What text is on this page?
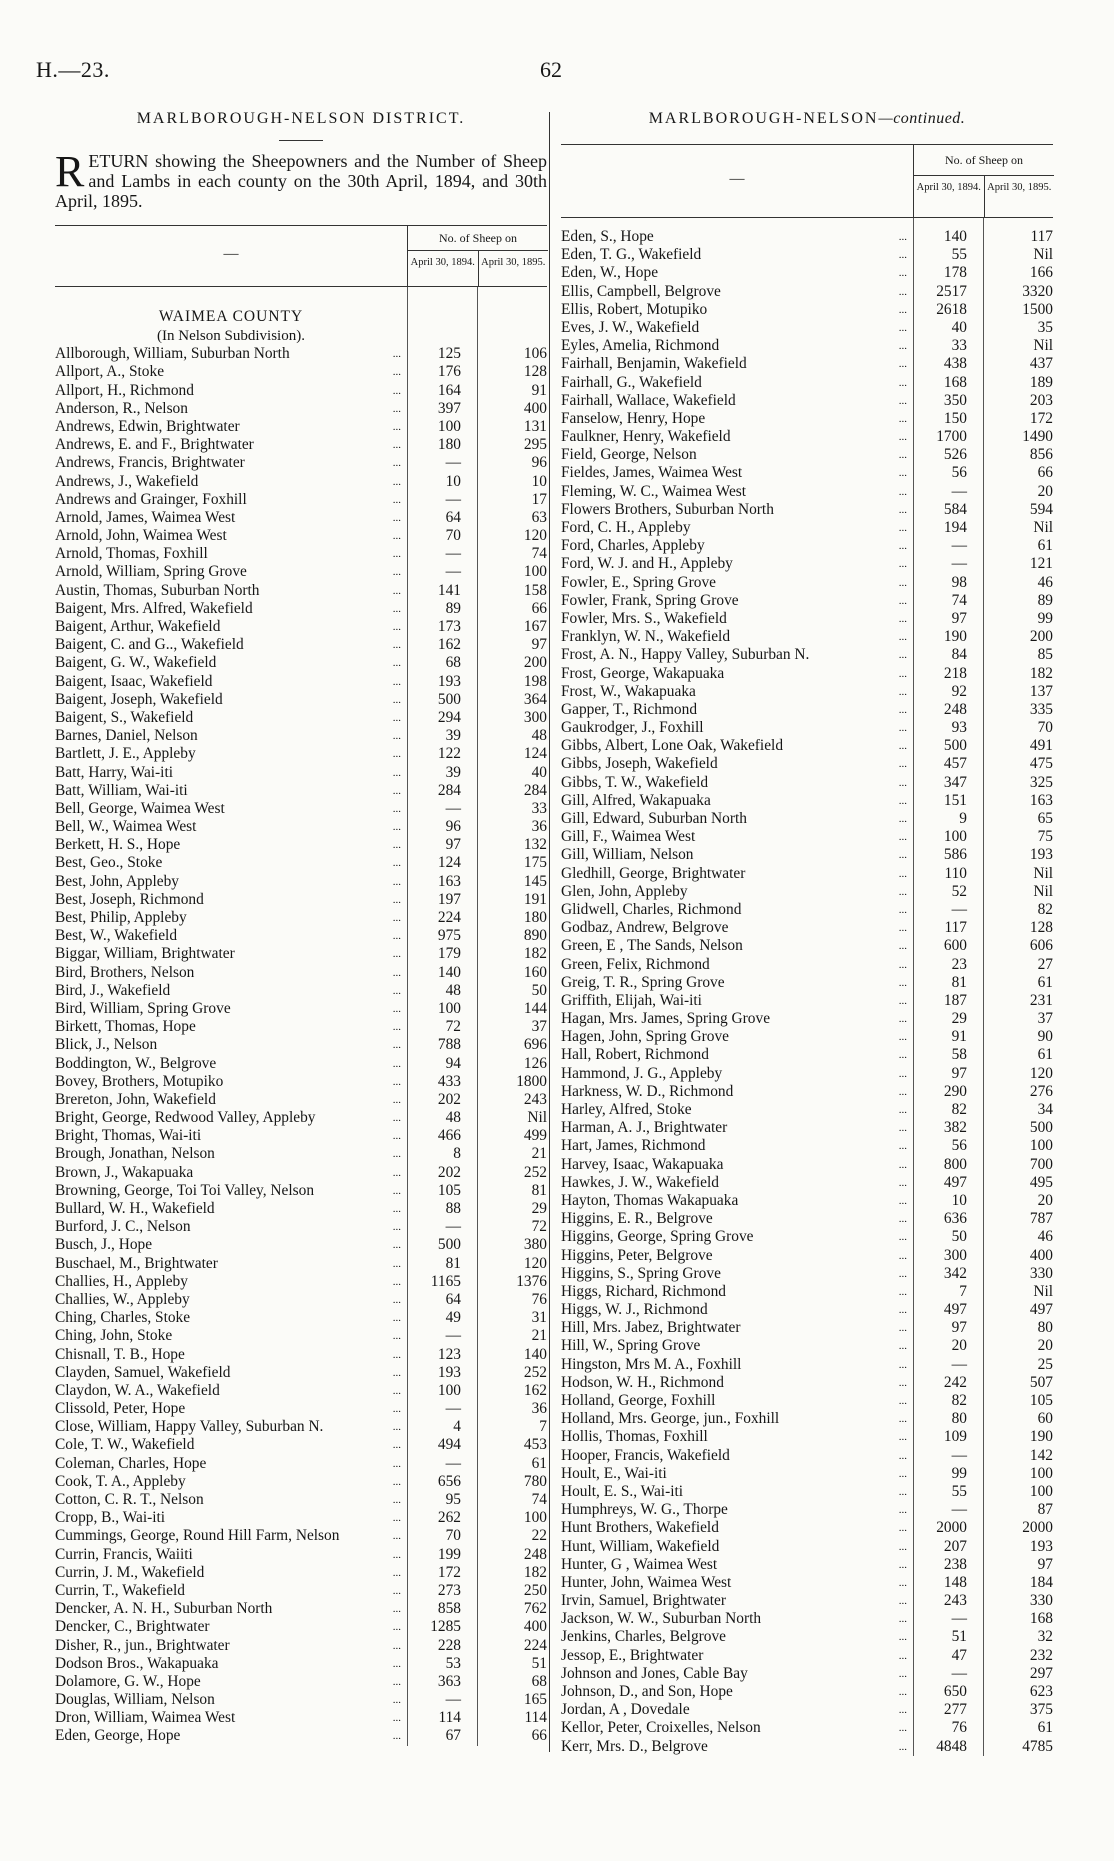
H.—23.	62
MARLBOROUGH-NELSON DISTRICT.
RETURN showing the Sheepowners and the Number of Sheep and Lambs in each county on the 30th April, 1894, and 30th April, 1895.
—
No. of Sheep on
April 30, 1894. April 30, 1895.
WAIMEA COUNTY
(In Nelson Subdivision).
...
Allborough, William, Suburban North	125	106
...
Allport, A., Stoke	176	128
...
Allport, H., Richmond	164	91
...
Anderson, R., Nelson	397	400
...
Andrews, Edwin, Brightwater	100	131
...
Andrews, E. and F., Brightwater	180	295
...
Andrews, Francis, Brightwater	—	96
...
Andrews, J., Wakefield	10	10
...
Andrews and Grainger, Foxhill	—	17
...
Arnold, James, Waimea West	64	63
...
Arnold, John, Waimea West	70	120
...
Arnold, Thomas, Foxhill	—	74
...
Arnold, William, Spring Grove	—	100
...
Austin, Thomas, Suburban North	141	158
...
Baigent, Mrs. Alfred, Wakefield	89	66
...
Baigent, Arthur, Wakefield	173	167
...
Baigent, C. and G.., Wakefield	162	97
...
Baigent, G. W., Wakefield	68	200
...
Baigent, Isaac, Wakefield	193	198
...
Baigent, Joseph, Wakefield	500	364
...
Baigent, S., Wakefield	294	300
...
Barnes, Daniel, Nelson	39	48
...
Bartlett, J. E., Appleby	122	124
...
Batt, Harry, Wai-iti	39	40
...
Batt, William, Wai-iti	284	284
...
Bell, George, Waimea West	—	33
...
Bell, W., Waimea West	96	36
...
Berkett, H. S., Hope	97	132
...
Best, Geo., Stoke	124	175
...
Best, John, Appleby	163	145
...
Best, Joseph, Richmond	197	191
...
Best, Philip, Appleby	224	180
...
Best, W., Wakefield	975	890
...
Biggar, William, Brightwater	179	182
...
Bird, Brothers, Nelson	140	160
...
Bird, J., Wakefield	48	50
...
Bird, William, Spring Grove	100	144
...
Birkett, Thomas, Hope	72	37
...
Blick, J., Nelson	788	696
...
Boddington, W., Belgrove	94	126
...
Bovey, Brothers, Motupiko	433	1800
...
Brereton, John, Wakefield	202	243
...
Bright, George, Redwood Valley, Appleby	48	Nil
...
Bright, Thomas, Wai-iti	466	499
...
Brough, Jonathan, Nelson	8	21
...
Brown, J., Wakapuaka	202	252
...
Browning, George, Toi Toi Valley, Nelson	105	81
...
Bullard, W. H., Wakefield	88	29
...
Burford, J. C., Nelson	—	72
...
Busch, J., Hope	500	380
...
Buschael, M., Brightwater	81	120
...
Challies, H., Appleby	1165	1376
...
Challies, W., Appleby	64	76
...
Ching, Charles, Stoke	49	31
...
Ching, John, Stoke	—	21
...
Chisnall, T. B., Hope	123	140
...
Clayden, Samuel, Wakefield	193	252
...
Claydon, W. A., Wakefield	100	162
...
Clissold, Peter, Hope	—	36
...
Close, William, Happy Valley, Suburban N.	4	7
...
Cole, T. W., Wakefield	494	453
...
Coleman, Charles, Hope	—	61
...
Cook, T. A., Appleby	656	780
...
Cotton, C. R. T., Nelson	95	74
...
Cropp, B., Wai-iti	262	100
...
Cummings, George, Round Hill Farm, Nelson	70	22
...
Currin, Francis, Waiiti	199	248
...
Currin, J. M., Wakefield	172	182
...
Currin, T., Wakefield	273	250
...
Dencker, A. N. H., Suburban North	858	762
...
Dencker, C., Brightwater	1285	400
...
Disher, R., jun., Brightwater	228	224
...
Dodson Bros., Wakapuaka	53	51
...
Dolamore, G. W., Hope	363	68
...
Douglas, William, Nelson	—	165
...
Dron, William, Waimea West	114	114
...
Eden, George, Hope	67	66
MARLBOROUGH-NELSON—continued.
—
No. of Sheep on
April 30, 1894. April 30, 1895.
...
Eden, S., Hope	140	117
...
Eden, T. G., Wakefield	55	Nil
...
Eden, W., Hope	178	166
...
Ellis, Campbell, Belgrove	2517	3320
...
Ellis, Robert, Motupiko	2618	1500
...
Eves, J. W., Wakefield	40	35
...
Eyles, Amelia, Richmond	33	Nil
...
Fairhall, Benjamin, Wakefield	438	437
...
Fairhall, G., Wakefield	168	189
...
Fairhall, Wallace, Wakefield	350	203
...
Fanselow, Henry, Hope	150	172
...
Faulkner, Henry, Wakefield	1700	1490
...
Field, George, Nelson	526	856
...
Fieldes, James, Waimea West	56	66
...
Fleming, W. C., Waimea West	—	20
...
Flowers Brothers, Suburban North	584	594
...
Ford, C. H., Appleby	194	Nil
...
Ford, Charles, Appleby	—	61
...
Ford, W. J. and H., Appleby	—	121
...
Fowler, E., Spring Grove	98	46
...
Fowler, Frank, Spring Grove	74	89
...
Fowler, Mrs. S., Wakefield	97	99
...
Franklyn, W. N., Wakefield	190	200
...
Frost, A. N., Happy Valley, Suburban N.	84	85
...
Frost, George, Wakapuaka	218	182
...
Frost, W., Wakapuaka	92	137
...
Gapper, T., Richmond	248	335
...
Gaukrodger, J., Foxhill	93	70
...
Gibbs, Albert, Lone Oak, Wakefield	500	491
...
Gibbs, Joseph, Wakefield	457	475
...
Gibbs, T. W., Wakefield	347	325
...
Gill, Alfred, Wakapuaka	151	163
...
Gill, Edward, Suburban North	9	65
...
Gill, F., Waimea West	100	75
...
Gill, William, Nelson	586	193
...
Gledhill, George, Brightwater	110	Nil
...
Glen, John, Appleby	52	Nil
...
Glidwell, Charles, Richmond	—	82
...
Godbaz, Andrew, Belgrove	117	128
...
Green, E , The Sands, Nelson	600	606
...
Green, Felix, Richmond	23	27
...
Greig, T. R., Spring Grove	81	61
...
Griffith, Elijah, Wai-iti	187	231
...
Hagan, Mrs. James, Spring Grove	29	37
...
Hagen, John, Spring Grove	91	90
...
Hall, Robert, Richmond	58	61
...
Hammond, J. G., Appleby	97	120
...
Harkness, W. D., Richmond	290	276
...
Harley, Alfred, Stoke	82	34
...
Harman, A. J., Brightwater	382	500
...
Hart, James, Richmond	56	100
...
Harvey, Isaac, Wakapuaka	800	700
...
Hawkes, J. W., Wakefield	497	495
...
Hayton, Thomas Wakapuaka	10	20
...
Higgins, E. R., Belgrove	636	787
...
Higgins, George, Spring Grove	50	46
...
Higgins, Peter, Belgrove	300	400
...
Higgins, S., Spring Grove	342	330
...
Higgs, Richard, Richmond	7	Nil
...
Higgs, W. J., Richmond	497	497
...
Hill, Mrs. Jabez, Brightwater	97	80
...
Hill, W., Spring Grove	20	20
...
Hingston, Mrs M. A., Foxhill	—	25
...
Hodson, W. H., Richmond	242	507
...
Holland, George, Foxhill	82	105
...
Holland, Mrs. George, jun., Foxhill	80	60
...
Hollis, Thomas, Foxhill	109	190
...
Hooper, Francis, Wakefield	—	142
...
Hoult, E., Wai-iti	99	100
...
Hoult, E. S., Wai-iti	55	100
...
Humphreys, W. G., Thorpe	—	87
...
Hunt Brothers, Wakefield	2000	2000
...
Hunt, William, Wakefield	207	193
...
Hunter, G , Waimea West	238	97
...
Hunter, John, Waimea West	148	184
...
Irvin, Samuel, Brightwater	243	330
...
Jackson, W. W., Suburban North	—	168
...
Jenkins, Charles, Belgrove	51	32
...
Jessop, E., Brightwater	47	232
...
Johnson and Jones, Cable Bay	—	297
...
Johnson, D., and Son, Hope	650	623
...
Jordan, A , Dovedale	277	375
...
Kellor, Peter, Croixelles, Nelson	76	61
...
Kerr, Mrs. D., Belgrove	4848	4785
